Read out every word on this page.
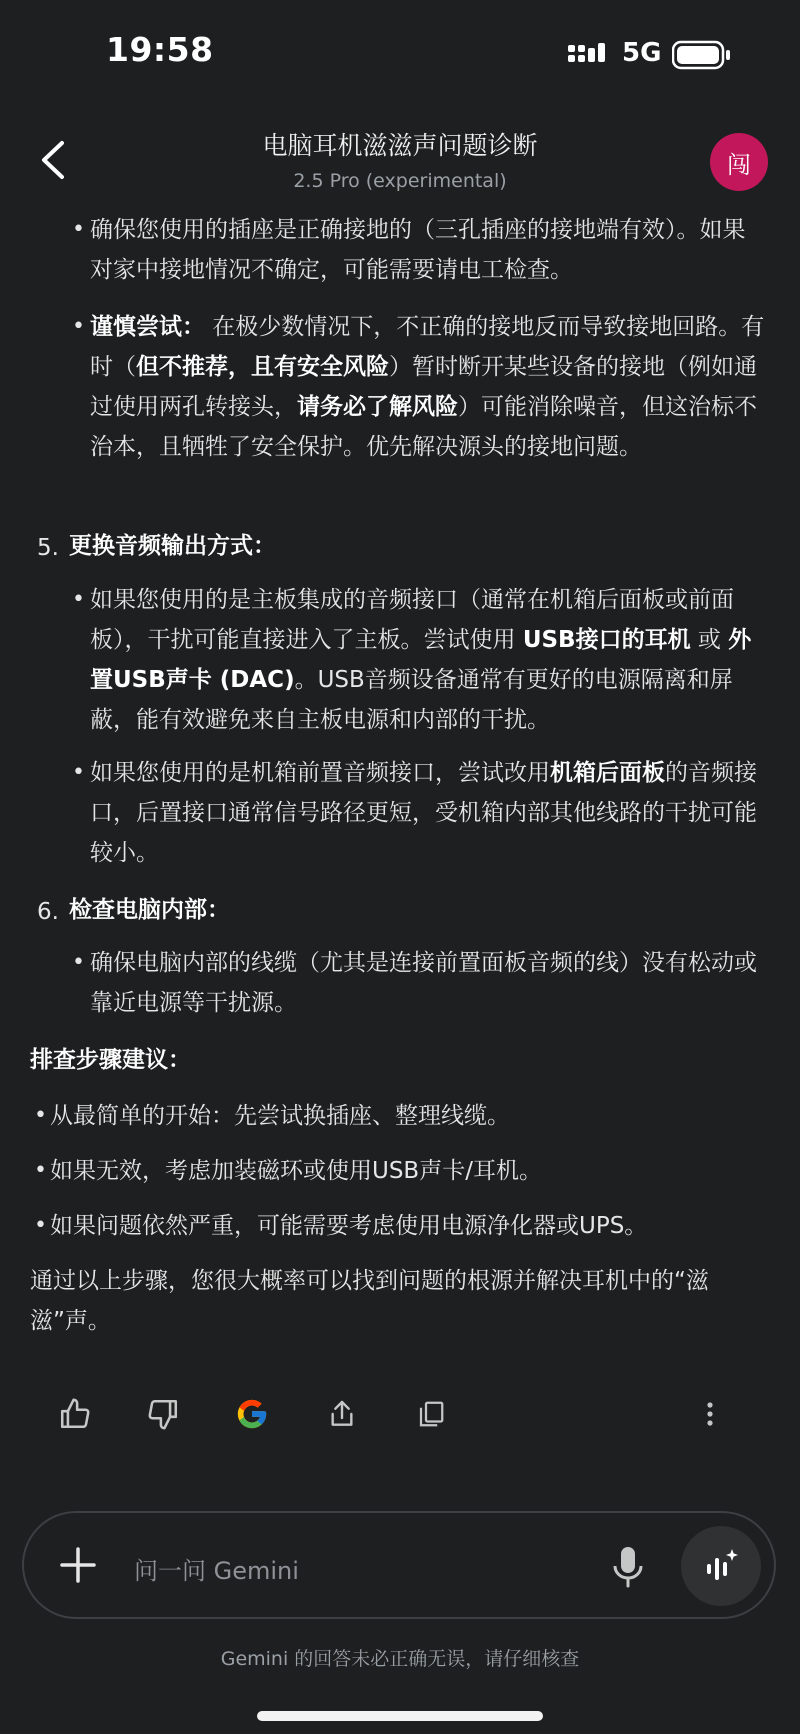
19:58	5G
电脑耳机滋滋声问题诊断
2.5 Pro (experimental)
闯
• 确保您使用的插座是正确接地的（三孔插座的接地端有效）。如果对家中接地情况不确定，可能需要请电工检查。
• 谨慎尝试： 在极少数情况下，不正确的接地反而导致接地回路。有时（但不推荐，且有安全风险）暂时断开某些设备的接地（例如通过使用两孔转接头，请务必了解风险）可能消除噪音，但这治标不治本，且牺牲了安全保护。优先解决源头的接地问题。
5. 更换音频输出方式：
• 如果您使用的是主板集成的音频接口（通常在机箱后面板或前面板），干扰可能直接进入了主板。尝试使用 USB接口的耳机 或 外置USB声卡 (DAC)。USB音频设备通常有更好的电源隔离和屏蔽，能有效避免来自主板电源和内部的干扰。
• 如果您使用的是机箱前置音频接口，尝试改用机箱后面板的音频接口，后置接口通常信号路径更短，受机箱内部其他线路的干扰可能较小。
6. 检查电脑内部：
• 确保电脑内部的线缆（尤其是连接前置面板音频的线）没有松动或靠近电源等干扰源。
排查步骤建议：
• 从最简单的开始：先尝试换插座、整理线缆。
• 如果无效，考虑加装磁环或使用USB声卡/耳机。
• 如果问题依然严重，可能需要考虑使用电源净化器或UPS。
通过以上步骤，您很大概率可以找到问题的根源并解决耳机中的“滋滋”声。
问一问 Gemini
Gemini 的回答未必正确无误，请仔细核查
